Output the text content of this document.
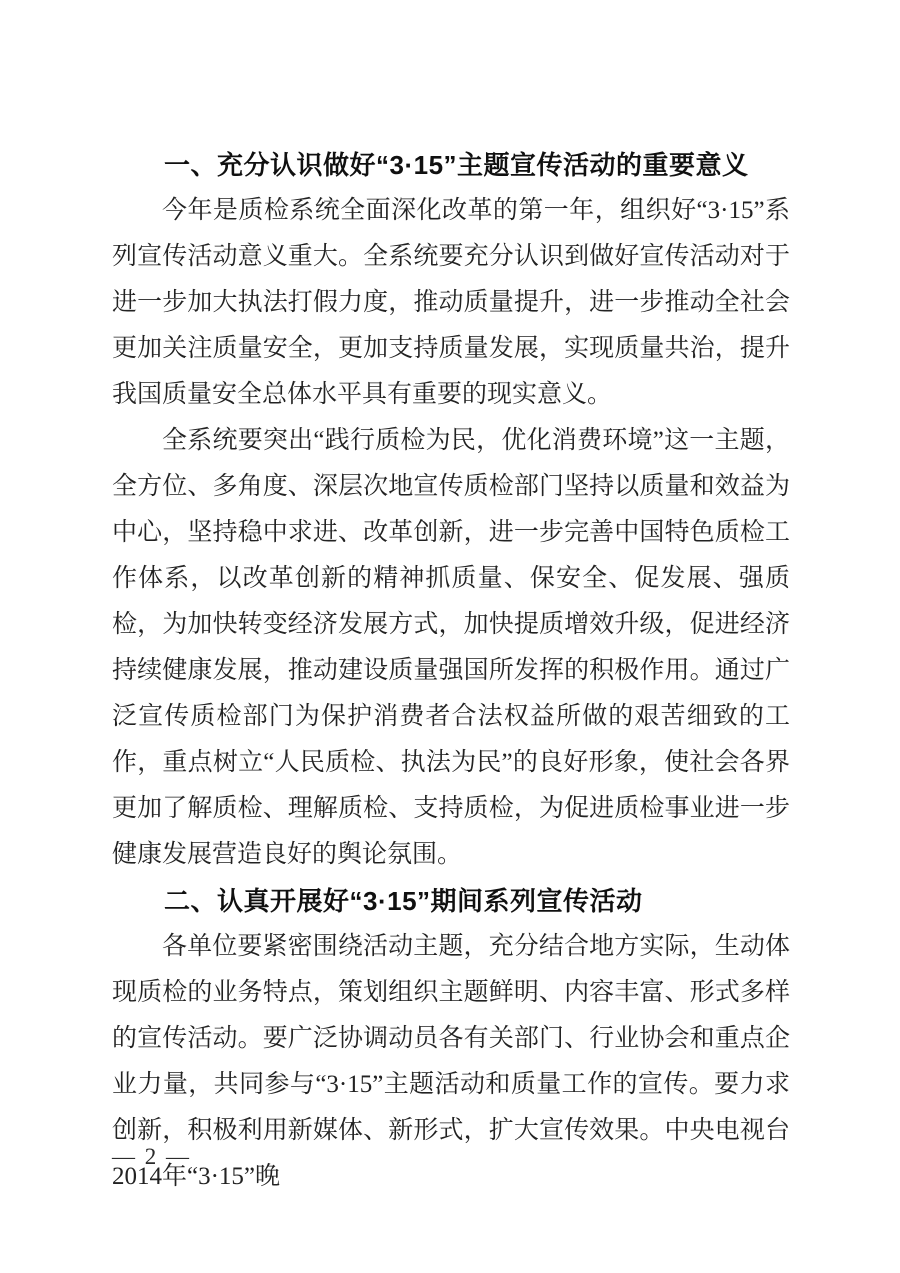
一、充分认识做好“3·15”主题宣传活动的重要意义

今年是质检系统全面深化改革的第一年，组织好“3·15”系列宣传活动意义重大。全系统要充分认识到做好宣传活动对于进一步加大执法打假力度，推动质量提升，进一步推动全社会更加关注质量安全，更加支持质量发展，实现质量共治，提升我国质量安全总体水平具有重要的现实意义。

全系统要突出“践行质检为民，优化消费环境”这一主题，全方位、多角度、深层次地宣传质检部门坚持以质量和效益为中心，坚持稳中求进、改革创新，进一步完善中国特色质检工作体系，以改革创新的精神抓质量、保安全、促发展、强质检，为加快转变经济发展方式，加快提质增效升级，促进经济持续健康发展，推动建设质量强国所发挥的积极作用。通过广泛宣传质检部门为保护消费者合法权益所做的艰苦细致的工作，重点树立“人民质检、执法为民”的良好形象，使社会各界更加了解质检、理解质检、支持质检，为促进质检事业进一步健康发展营造良好的舆论氛围。

二、认真开展好“3·15”期间系列宣传活动

各单位要紧密围绕活动主题，充分结合地方实际，生动体现质检的业务特点，策划组织主题鲜明、内容丰富、形式多样的宣传活动。要广泛协调动员各有关部门、行业协会和重点企业力量，共同参与“3·15”主题活动和质量工作的宣传。要力求创新，积极利用新媒体、新形式，扩大宣传效果。中央电视台2014年“3·15”晚

— 2 —
